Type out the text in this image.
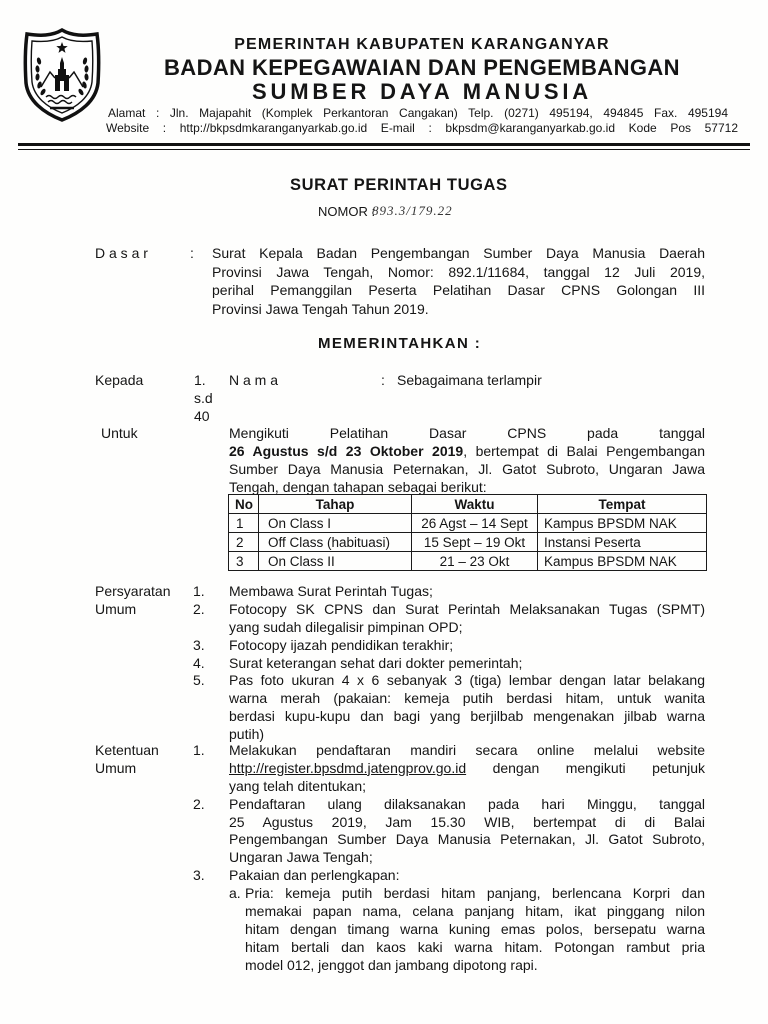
PEMERINTAH KABUPATEN KARANGANYAR
BADAN KEPEGAWAIAN DAN PENGEMBANGAN
SUMBER DAYA MANUSIA
Alamat : Jln. Majapahit (Komplek Perkantoran Cangakan) Telp. (0271) 495194, 494845 Fax. 495194
Website : http://bkpsdmkaranganyarkab.go.id E-mail : bkpsdm@karanganyarkab.go.id Kode Pos 57712
SURAT PERINTAH TUGAS
NOMOR :
893.3/179.22
D a s a r	: Surat Kepala Badan Pengembangan Sumber Daya Manusia Daerah
Provinsi Jawa Tengah, Nomor: 892.1/11684, tanggal 12 Juli 2019,
perihal Pemanggilan Peserta Pelatihan Dasar CPNS Golongan III
Provinsi Jawa Tengah Tahun 2019.
MEMERINTAHKAN :
Kepada	1.
s.d
40
N a m a	: Sebagaimana terlampir
Untuk	Mengikuti Pelatihan Dasar CPNS pada tanggal
26 Agustus s/d 23 Oktober 2019, bertempat di Balai Pengembangan
Sumber Daya Manusia Peternakan, Jl. Gatot Subroto, Ungaran Jawa
Tengah, dengan tahapan sebagai berikut:
No	Tahap	Waktu	Tempat
1	On Class I	26 Agst – 14 Sept	Kampus BPSDM NAK
2	Off Class (habituasi)	15 Sept – 19 Okt	Instansi Peserta
3	On Class II	21 – 23 Okt	Kampus BPSDM NAK
Persyaratan
Umum
1.	Membawa Surat Perintah Tugas;
2.	Fotocopy SK CPNS dan Surat Perintah Melaksanakan Tugas (SPMT)
yang sudah dilegalisir pimpinan OPD;
3.	Fotocopy ijazah pendidikan terakhir;
4.	Surat keterangan sehat dari dokter pemerintah;
5.	Pas foto ukuran 4 x 6 sebanyak 3 (tiga) lembar dengan latar belakang
warna merah (pakaian: kemeja putih berdasi hitam, untuk wanita
berdasi kupu-kupu dan bagi yang berjilbab mengenakan jilbab warna
putih)
Ketentuan
Umum
1.	Melakukan pendaftaran mandiri secara online melalui website
http://register.bpsdmd.jatengprov.go.id dengan mengikuti petunjuk
yang telah ditentukan;
2.	Pendaftaran ulang dilaksanakan pada hari Minggu, tanggal
25 Agustus 2019, Jam 15.30 WIB, bertempat di di Balai
Pengembangan Sumber Daya Manusia Peternakan, Jl. Gatot Subroto,
Ungaran Jawa Tengah;
3.	Pakaian dan perlengkapan:
a. Pria: kemeja putih berdasi hitam panjang, berlencana Korpri dan
memakai papan nama, celana panjang hitam, ikat pinggang nilon
hitam dengan timang warna kuning emas polos, bersepatu warna
hitam bertali dan kaos kaki warna hitam. Potongan rambut pria
model 012, jenggot dan jambang dipotong rapi.
